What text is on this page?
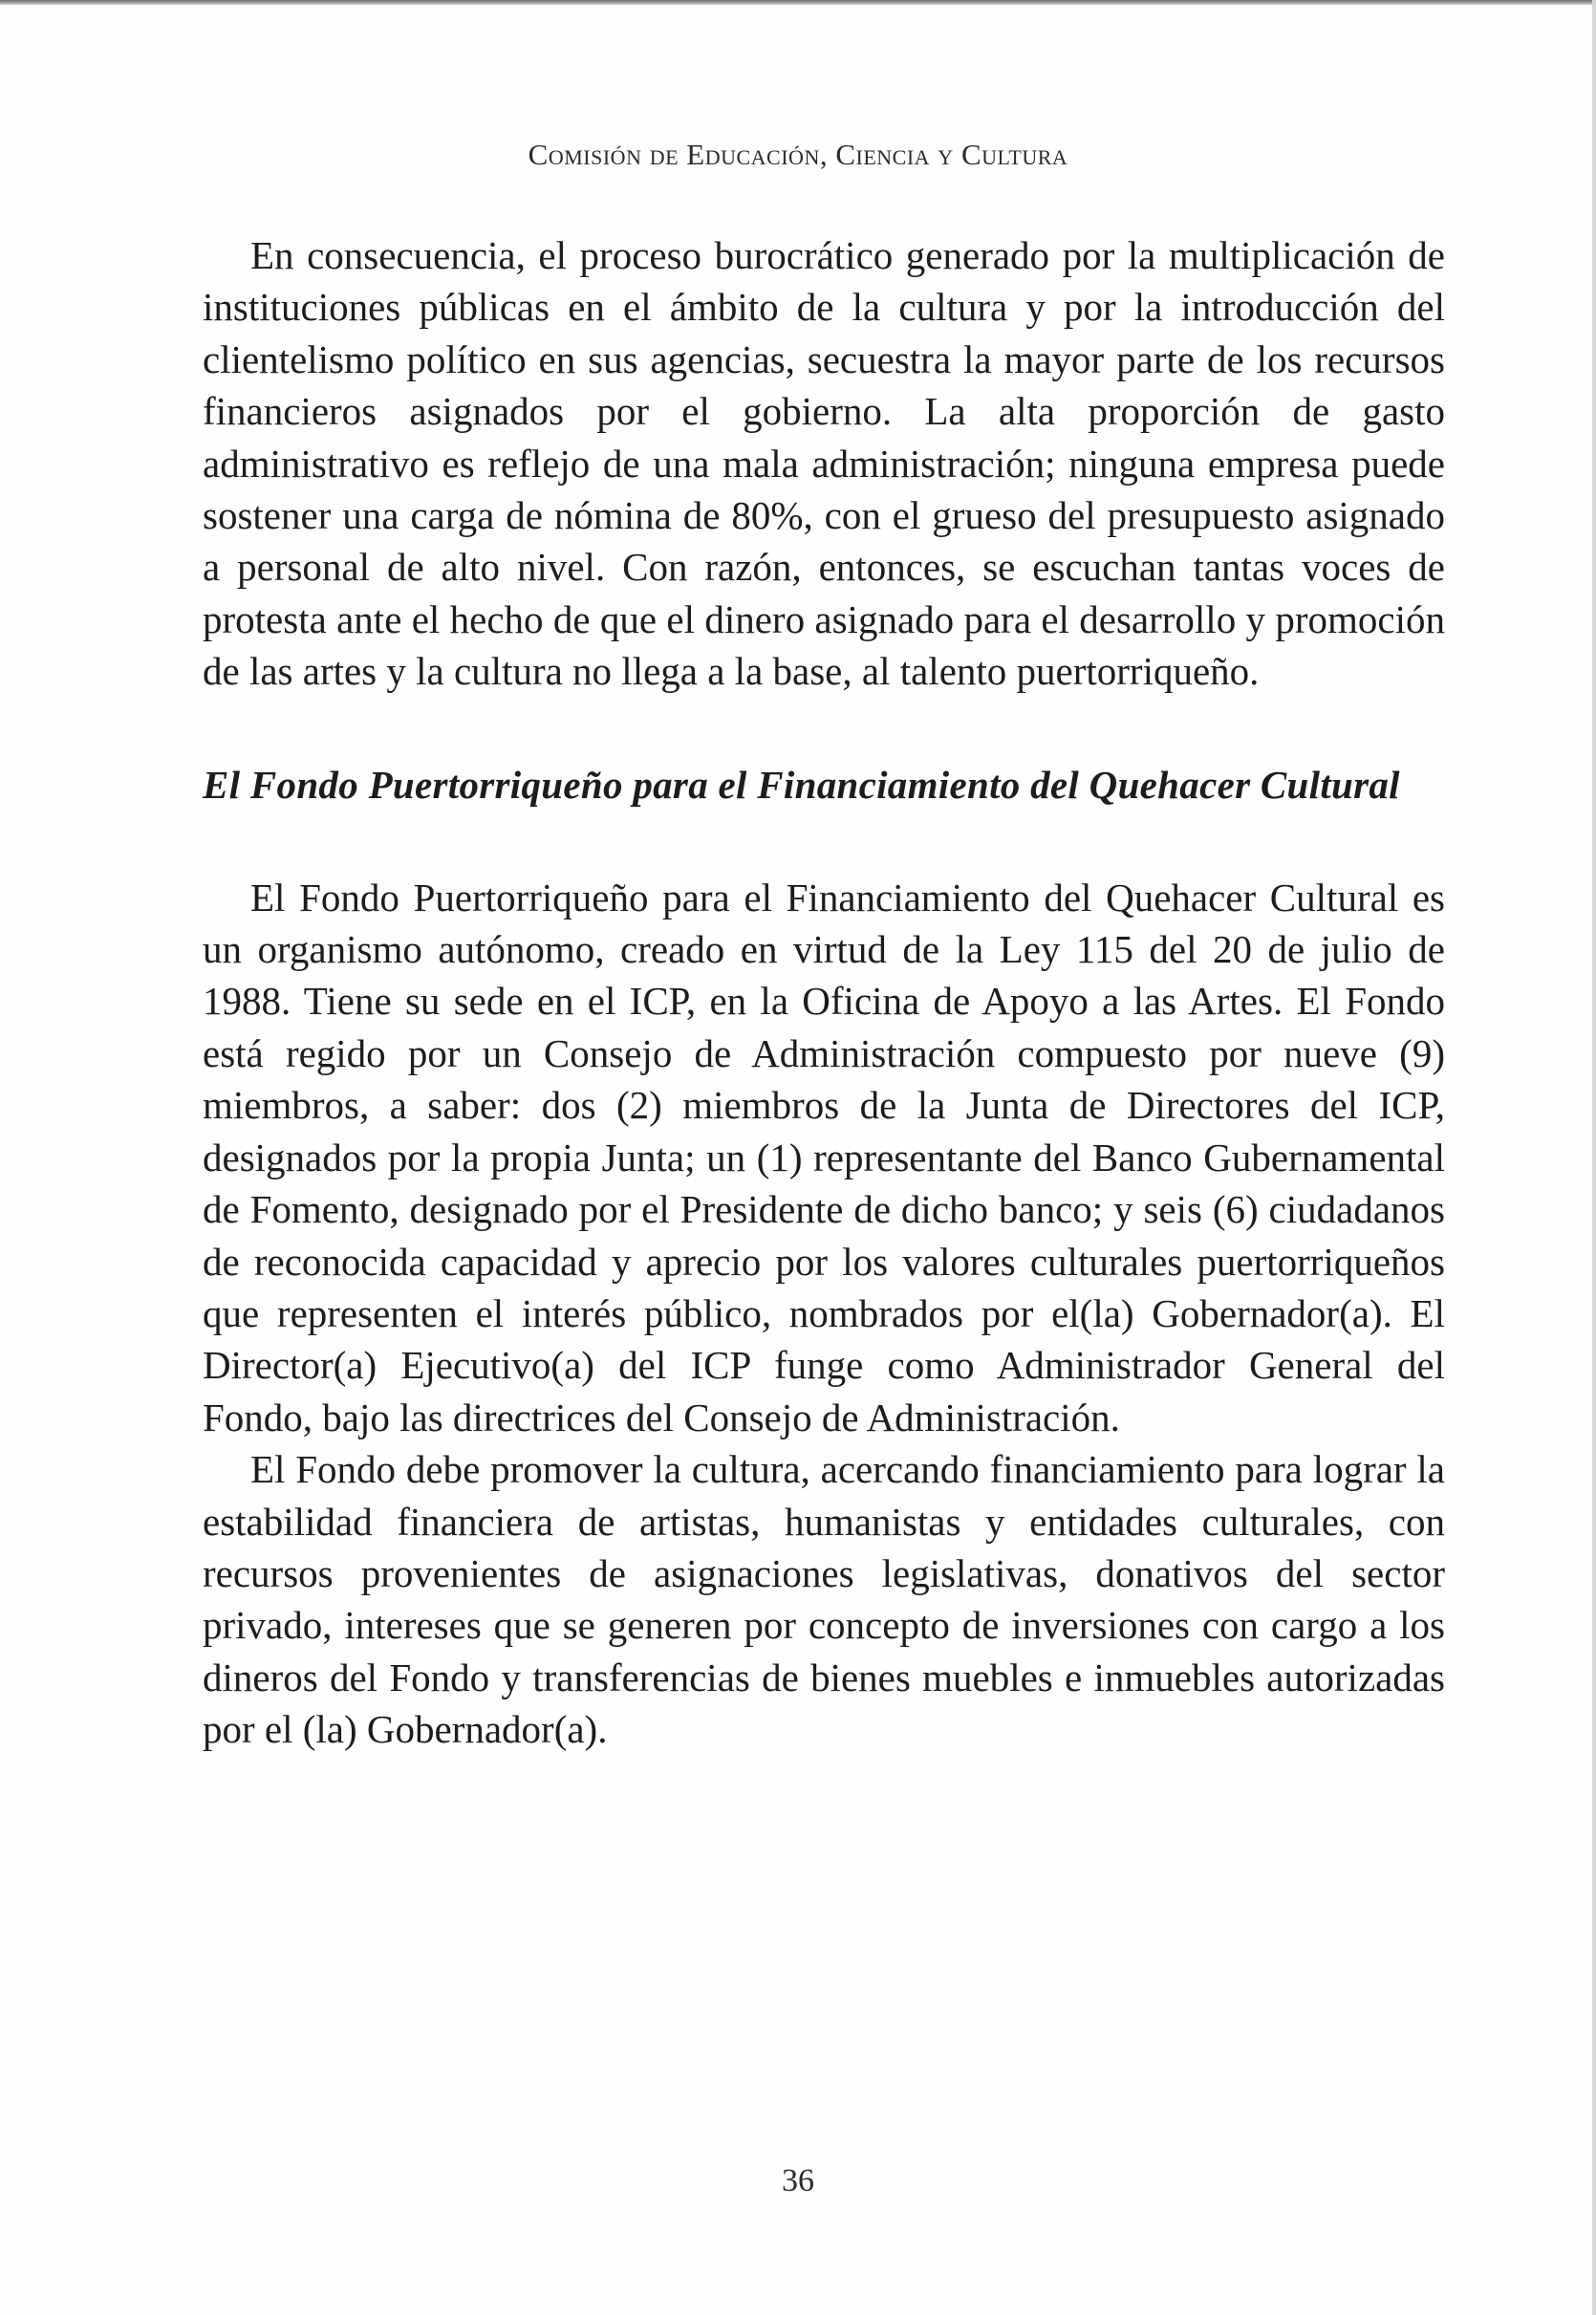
Comisión de Educación, Ciencia y Cultura

En consecuencia, el proceso burocrático generado por la multiplicación de instituciones públicas en el ámbito de la cultura y por la introducción del clientelismo político en sus agencias, secuestra la mayor parte de los recursos financieros asignados por el gobierno. La alta proporción de gasto administrativo es reflejo de una mala administración; ninguna empresa puede sostener una carga de nómina de 80%, con el grueso del presupuesto asignado a personal de alto nivel. Con razón, entonces, se escuchan tantas voces de protesta ante el hecho de que el dinero asignado para el desarrollo y promoción de las artes y la cultura no llega a la base, al talento puertorriqueño.

El Fondo Puertorriqueño para el Financiamiento del Quehacer Cultural

El Fondo Puertorriqueño para el Financiamiento del Quehacer Cultural es un organismo autónomo, creado en virtud de la Ley 115 del 20 de julio de 1988. Tiene su sede en el ICP, en la Oficina de Apoyo a las Artes. El Fondo está regido por un Consejo de Administración compuesto por nueve (9) miembros, a saber: dos (2) miembros de la Junta de Directores del ICP, designados por la propia Junta; un (1) representante del Banco Gubernamental de Fomento, designado por el Presidente de dicho banco; y seis (6) ciudadanos de reconocida capacidad y aprecio por los valores culturales puertorriqueños que representen el interés público, nombrados por el(la) Gobernador(a). El Director(a) Ejecutivo(a) del ICP funge como Administrador General del Fondo, bajo las directrices del Consejo de Administración.

El Fondo debe promover la cultura, acercando financiamiento para lograr la estabilidad financiera de artistas, humanistas y entidades culturales, con recursos provenientes de asignaciones legislativas, donativos del sector privado, intereses que se generen por concepto de inversiones con cargo a los dineros del Fondo y transferencias de bienes muebles e inmuebles autorizadas por el (la) Gobernador(a).

36
